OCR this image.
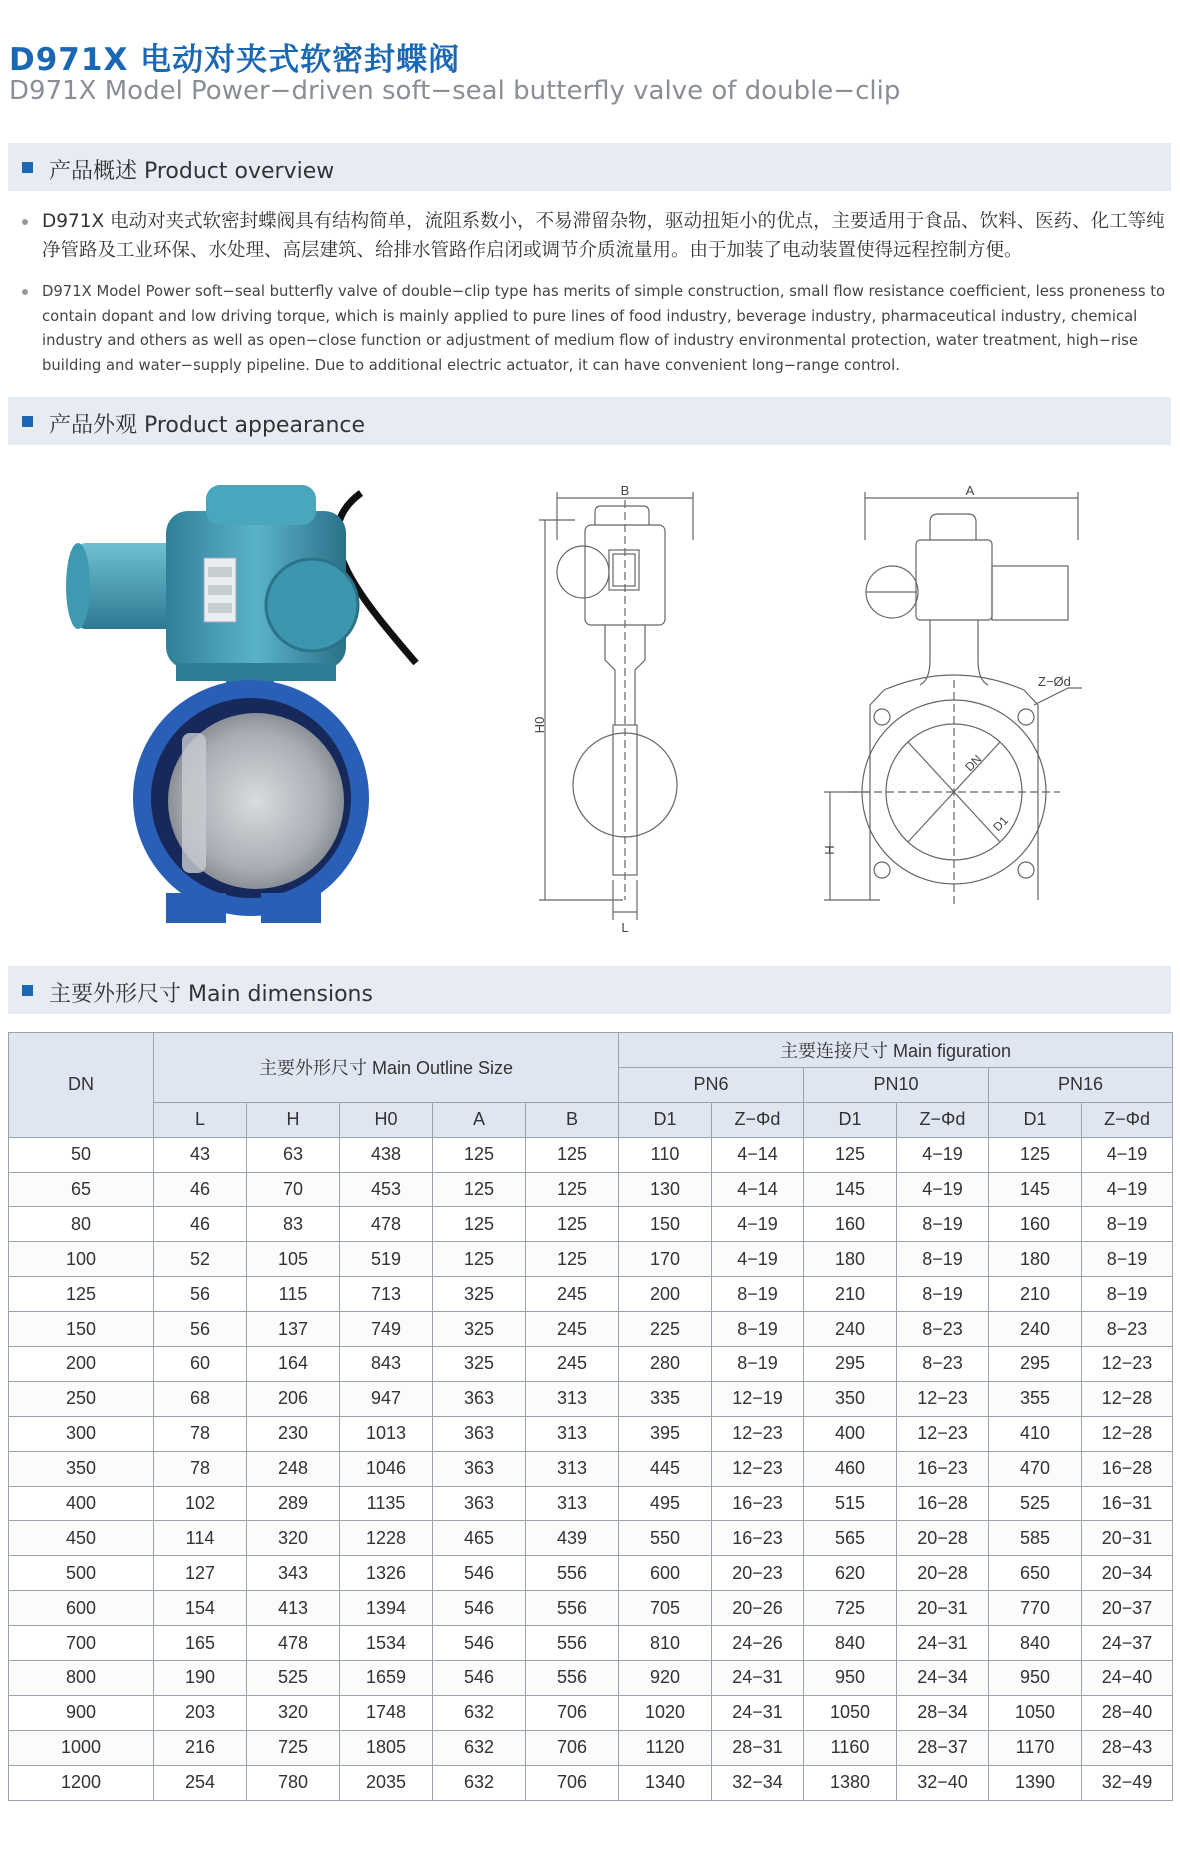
D971X 电动对夹式软密封蝶阀
D971X Model Power−driven soft−seal butterfly valve of double−clip
产品概述 Product overview
D971X 电动对夹式软密封蝶阀具有结构简单，流阻系数小，不易滞留杂物，驱动扭矩小的优点，主要适用于食品、饮料、医药、化工等纯净管路及工业环保、水处理、高层建筑、给排水管路作启闭或调节介质流量用。由于加装了电动装置使得远程控制方便。
D971X Model Power soft−seal butterfly valve of double−clip type has merits of simple construction, small flow resistance coefficient, less proneness to contain dopant and low driving torque, which is mainly applied to pure lines of food industry, beverage industry, pharmaceutical industry, chemical industry and others as well as open−close function or adjustment of medium flow of industry environmental protection, water treatment, high−rise building and water−supply pipeline. Due to additional electric actuator, it can have convenient long−range control.
产品外观 Product appearance
B
H0
L
A
Z−Ød
DN
D1
H
主要外形尺寸 Main dimensions
DN	主要外形尺寸 Main Outline Size					主要连接尺寸 Main figuration					
						PN6		PN10		PN16	
	L	H	H0	A	B	D1	Z−Φd	D1	Z−Φd	D1	Z−Φd
50	43	63	438	125	125	110	4−14	125	4−19	125	4−19
65	46	70	453	125	125	130	4−14	145	4−19	145	4−19
80	46	83	478	125	125	150	4−19	160	8−19	160	8−19
100	52	105	519	125	125	170	4−19	180	8−19	180	8−19
125	56	115	713	325	245	200	8−19	210	8−19	210	8−19
150	56	137	749	325	245	225	8−19	240	8−23	240	8−23
200	60	164	843	325	245	280	8−19	295	8−23	295	12−23
250	68	206	947	363	313	335	12−19	350	12−23	355	12−28
300	78	230	1013	363	313	395	12−23	400	12−23	410	12−28
350	78	248	1046	363	313	445	12−23	460	16−23	470	16−28
400	102	289	1135	363	313	495	16−23	515	16−28	525	16−31
450	114	320	1228	465	439	550	16−23	565	20−28	585	20−31
500	127	343	1326	546	556	600	20−23	620	20−28	650	20−34
600	154	413	1394	546	556	705	20−26	725	20−31	770	20−37
700	165	478	1534	546	556	810	24−26	840	24−31	840	24−37
800	190	525	1659	546	556	920	24−31	950	24−34	950	24−40
900	203	320	1748	632	706	1020	24−31	1050	28−34	1050	28−40
1000	216	725	1805	632	706	1120	28−31	1160	28−37	1170	28−43
1200	254	780	2035	632	706	1340	32−34	1380	32−40	1390	32−49
